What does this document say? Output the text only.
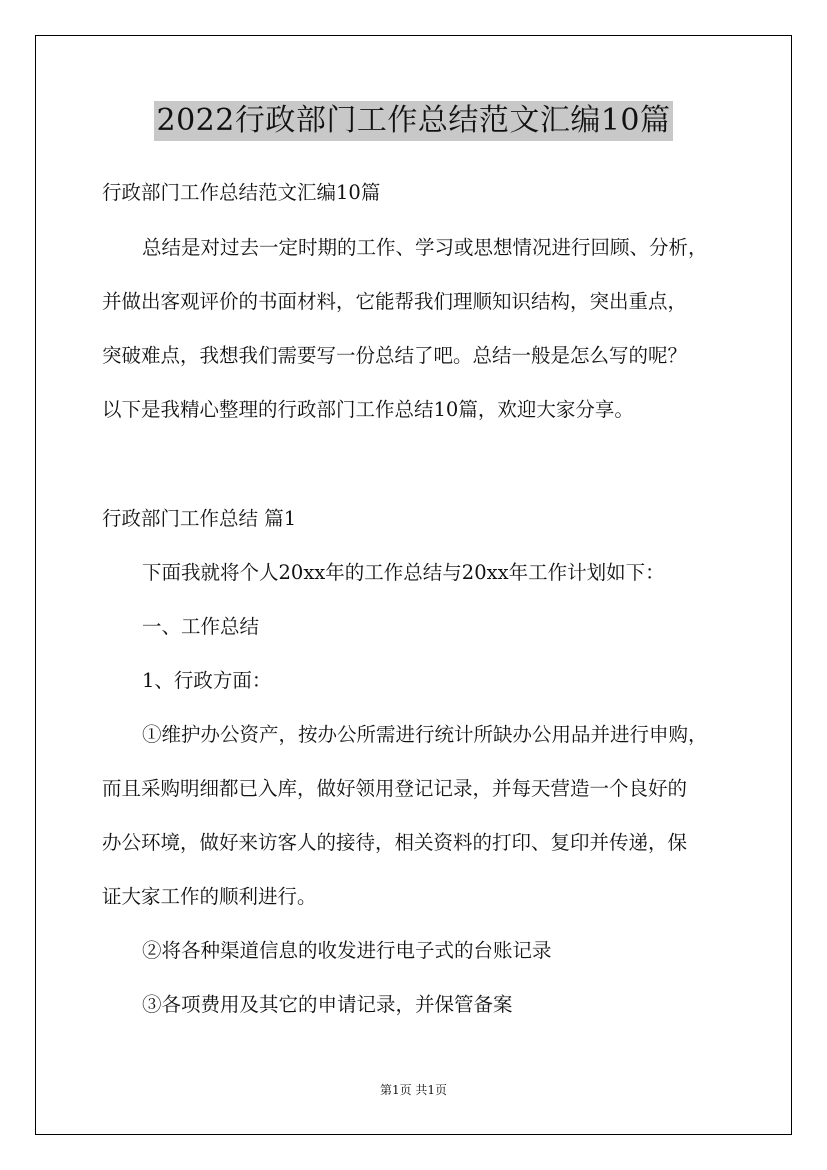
2022行政部门工作总结范文汇编10篇
行政部门工作总结范文汇编10篇
总结是对过去一定时期的工作、学习或思想情况进行回顾、分析，
并做出客观评价的书面材料，它能帮我们理顺知识结构，突出重点，
突破难点，我想我们需要写一份总结了吧。总结一般是怎么写的呢？
以下是我精心整理的行政部门工作总结10篇，欢迎大家分享。
行政部门工作总结 篇1
下面我就将个人20xx年的工作总结与20xx年工作计划如下：
一、工作总结
1、行政方面：
①维护办公资产，按办公所需进行统计所缺办公用品并进行申购，
而且采购明细都已入库，做好领用登记记录，并每天营造一个良好的
办公环境，做好来访客人的接待，相关资料的打印、复印并传递，保
证大家工作的顺利进行。
②将各种渠道信息的收发进行电子式的台账记录
③各项费用及其它的申请记录，并保管备案
第1页 共1页
